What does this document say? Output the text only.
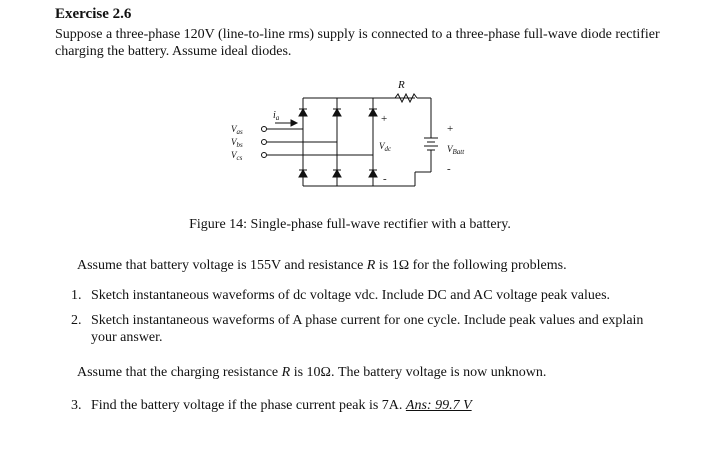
Exercise 2.6
Suppose a three-phase 120V (line-to-line rms) supply is connected to a three-phase full-wave diode rectifier charging the battery. Assume ideal diodes.
R
$i_a$
$V_{as}$
$V_{bs}$
$V_{cs}$
+
$V_{dc}$
-
+
$V_{Batt}$
-
Figure 14: Single-phase full-wave rectifier with a battery.
Assume that battery voltage is 155V and resistance R is 1Ω for the following problems.
1. Sketch instantaneous waveforms of dc voltage vdc. Include DC and AC voltage peak values.
2. Sketch instantaneous waveforms of A phase current for one cycle. Include peak values and explain your answer.
Assume that the charging resistance R is 10Ω. The battery voltage is now unknown.
3. Find the battery voltage if the phase current peak is 7A. Ans: 99.7 V
